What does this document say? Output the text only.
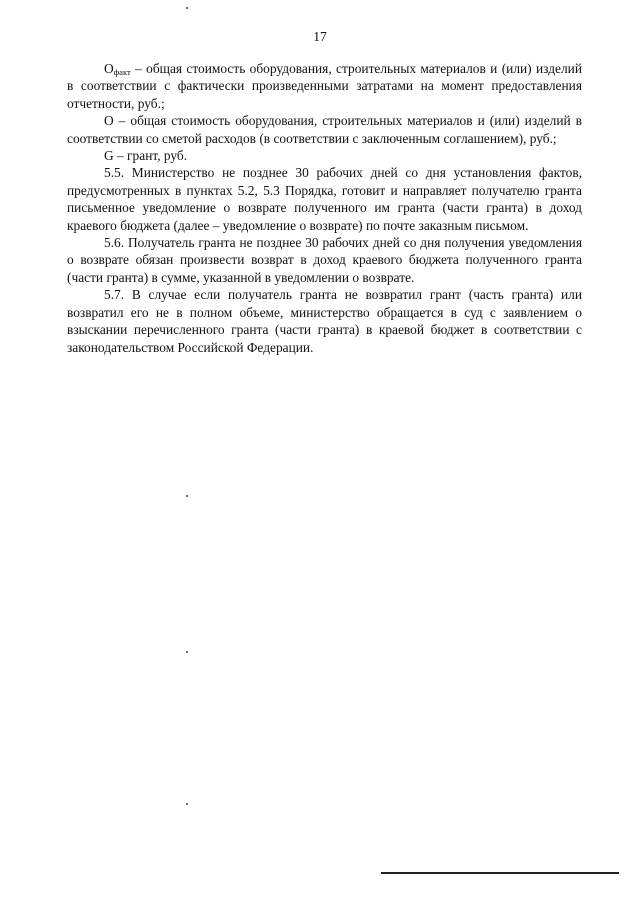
17

$O_{факт}$ – общая стоимость оборудования, строительных материалов и (или) изделий в соответствии с фактически произведенными затратами на момент предоставления отчетности, руб.;

O – общая стоимость оборудования, строительных материалов и (или) изделий в соответствии со сметой расходов (в соответствии с заключенным соглашением), руб.;

G – грант, руб.

5.5. Министерство не позднее 30 рабочих дней со дня установления фактов, предусмотренных в пунктах 5.2, 5.3 Порядка, готовит и направляет получателю гранта письменное уведомление о возврате полученного им гранта (части гранта) в доход краевого бюджета (далее – уведомление о возврате) по почте заказным письмом.

5.6. Получатель гранта не позднее 30 рабочих дней со дня получения уведомления о возврате обязан произвести возврат в доход краевого бюджета полученного гранта (части гранта) в сумме, указанной в уведомлении о возврате.

5.7. В случае если получатель гранта не возвратил грант (часть гранта) или возвратил его не в полном объеме, министерство обращается в суд с заявлением о взыскании перечисленного гранта (части гранта) в краевой бюджет в соответствии с законодательством Российской Федерации.
